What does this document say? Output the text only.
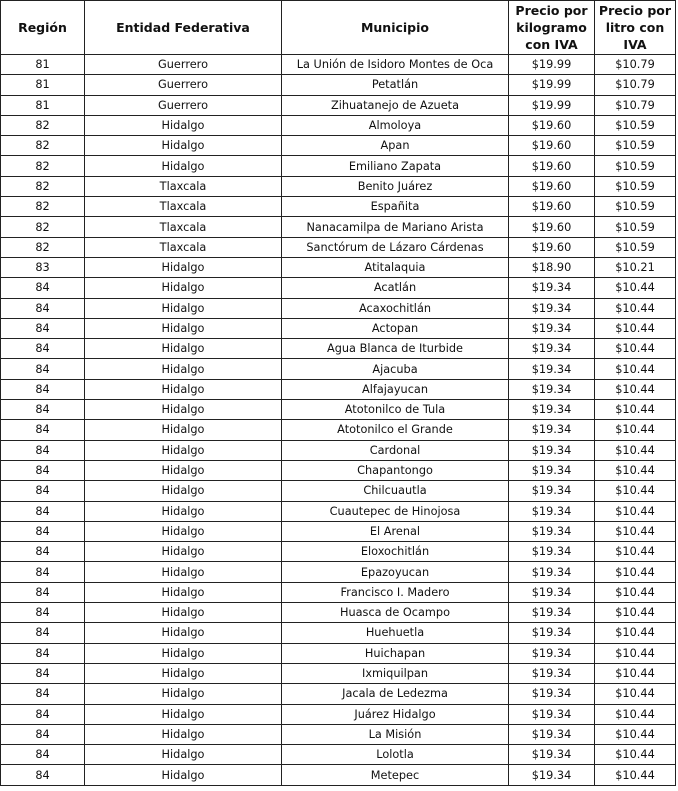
Región	Entidad Federativa	Municipio	Precio por kilogramo con IVA	Precio por litro con IVA
81	Guerrero	La Unión de Isidoro Montes de Oca	$19.99	$10.79
81	Guerrero	Petatlán	$19.99	$10.79
81	Guerrero	Zihuatanejo de Azueta	$19.99	$10.79
82	Hidalgo	Almoloya	$19.60	$10.59
82	Hidalgo	Apan	$19.60	$10.59
82	Hidalgo	Emiliano Zapata	$19.60	$10.59
82	Tlaxcala	Benito Juárez	$19.60	$10.59
82	Tlaxcala	Españita	$19.60	$10.59
82	Tlaxcala	Nanacamilpa de Mariano Arista	$19.60	$10.59
82	Tlaxcala	Sanctórum de Lázaro Cárdenas	$19.60	$10.59
83	Hidalgo	Atitalaquia	$18.90	$10.21
84	Hidalgo	Acatlán	$19.34	$10.44
84	Hidalgo	Acaxochitlán	$19.34	$10.44
84	Hidalgo	Actopan	$19.34	$10.44
84	Hidalgo	Agua Blanca de Iturbide	$19.34	$10.44
84	Hidalgo	Ajacuba	$19.34	$10.44
84	Hidalgo	Alfajayucan	$19.34	$10.44
84	Hidalgo	Atotonilco de Tula	$19.34	$10.44
84	Hidalgo	Atotonilco el Grande	$19.34	$10.44
84	Hidalgo	Cardonal	$19.34	$10.44
84	Hidalgo	Chapantongo	$19.34	$10.44
84	Hidalgo	Chilcuautla	$19.34	$10.44
84	Hidalgo	Cuautepec de Hinojosa	$19.34	$10.44
84	Hidalgo	El Arenal	$19.34	$10.44
84	Hidalgo	Eloxochitlán	$19.34	$10.44
84	Hidalgo	Epazoyucan	$19.34	$10.44
84	Hidalgo	Francisco I. Madero	$19.34	$10.44
84	Hidalgo	Huasca de Ocampo	$19.34	$10.44
84	Hidalgo	Huehuetla	$19.34	$10.44
84	Hidalgo	Huichapan	$19.34	$10.44
84	Hidalgo	Ixmiquilpan	$19.34	$10.44
84	Hidalgo	Jacala de Ledezma	$19.34	$10.44
84	Hidalgo	Juárez Hidalgo	$19.34	$10.44
84	Hidalgo	La Misión	$19.34	$10.44
84	Hidalgo	Lolotla	$19.34	$10.44
84	Hidalgo	Metepec	$19.34	$10.44
